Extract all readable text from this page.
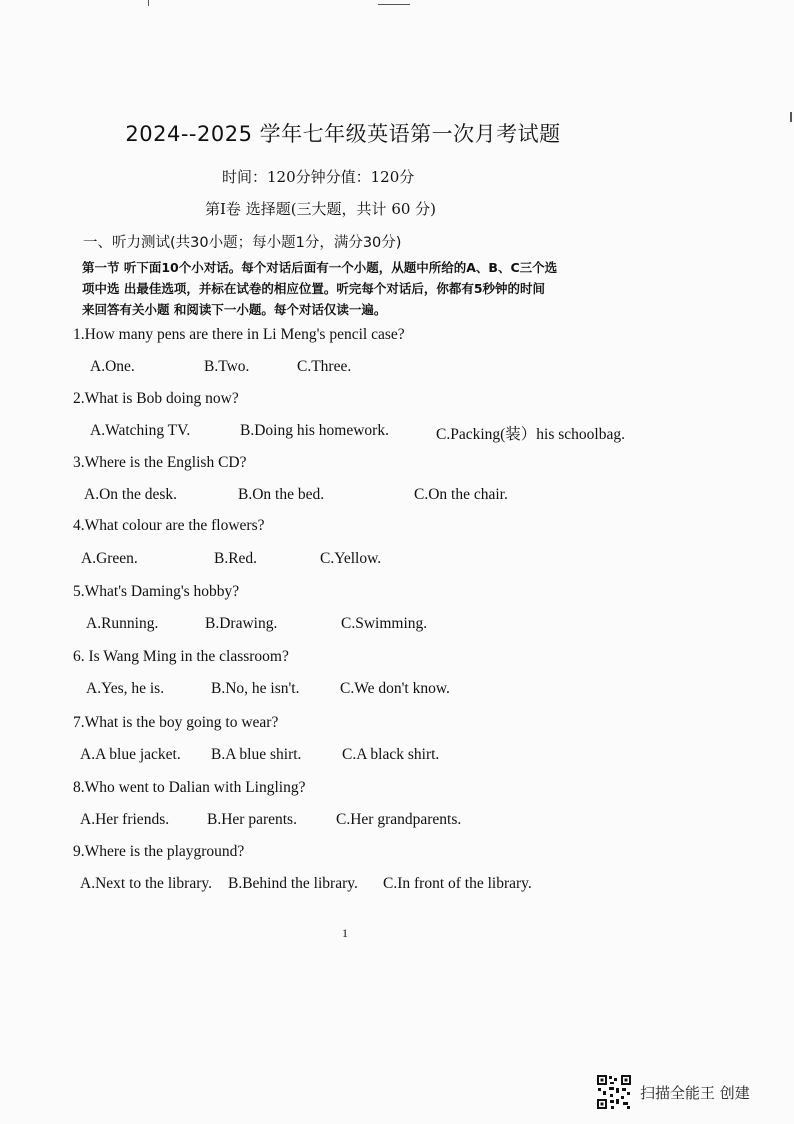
2024--2025 学年七年级英语第一次月考试题
时间：120分钟分值：120分
第Ⅰ卷 选择题(三大题，共计 60 分)
一、听力测试(共30小题；每小题1分，满分30分)
第一节 听下面10个小对话。每个对话后面有一个小题，从题中所给的A、B、C三个选
项中选 出最佳选项，并标在试卷的相应位置。听完每个对话后，你都有5秒钟的时间
来回答有关小题 和阅读下一小题。每个对话仅读一遍。
1.How many pens are there in Li Meng's pencil case?
A.One.	B.Two.	C.Three.
2.What is Bob doing now?
A.Watching TV.	B.Doing his homework.	C.Packing(装）his schoolbag.
3.Where is the English CD?
A.On the desk.	B.On the bed.	C.On the chair.
4.What colour are the flowers?
A.Green.	B.Red.	C.Yellow.
5.What's Daming's hobby?
A.Running.	B.Drawing.	C.Swimming.
6. Is Wang Ming in the classroom?
A.Yes, he is.	B.No, he isn't.	C.We don't know.
7.What is the boy going to wear?
A.A blue jacket. B.A blue shirt.	C.A black shirt.
8.Who went to Dalian with Lingling?
A.Her friends. B.Her parents.	C.Her grandparents.
9.Where is the playground?
A.Next to the library. B.Behind the library. C.In front of the library.
1
扫描全能王 创建
